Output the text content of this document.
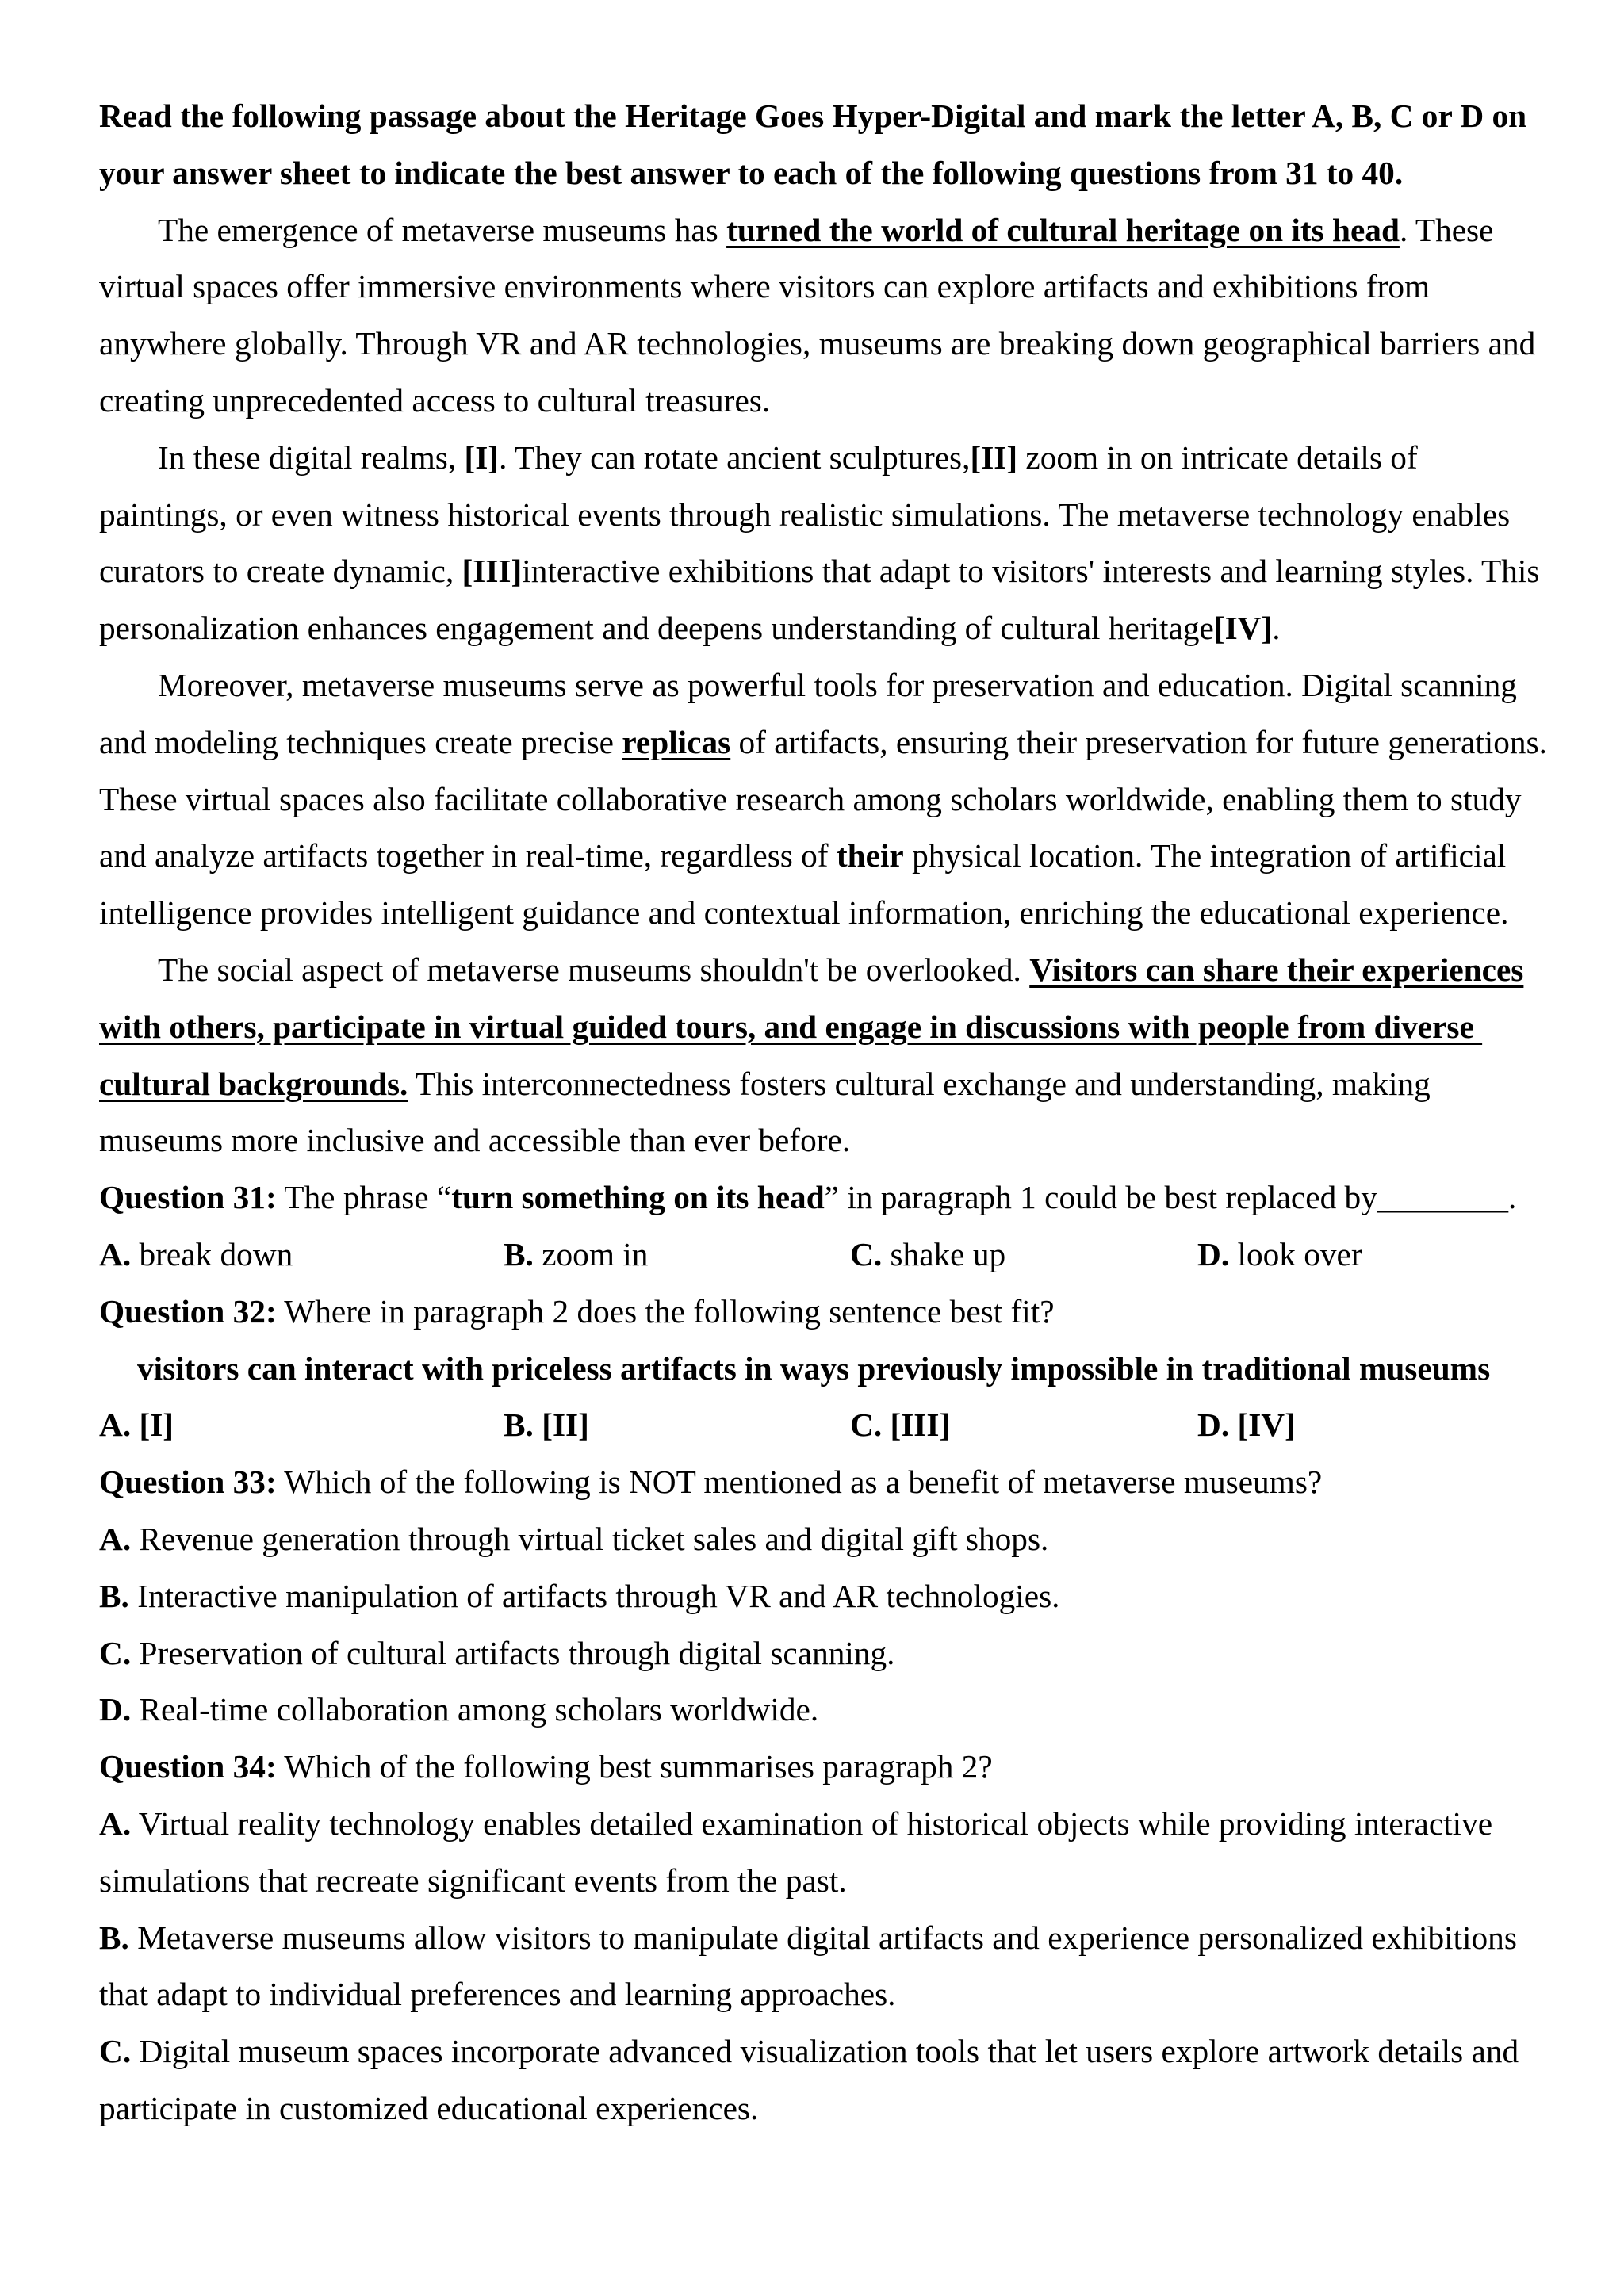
Read the following passage about the Heritage Goes Hyper-Digital and mark the letter A, B, C or D on
your answer sheet to indicate the best answer to each of the following questions from 31 to 40.
The emergence of metaverse museums has turned the world of cultural heritage on its head. These
virtual spaces offer immersive environments where visitors can explore artifacts and exhibitions from
anywhere globally. Through VR and AR technologies, museums are breaking down geographical barriers and
creating unprecedented access to cultural treasures.
In these digital realms, [I]. They can rotate ancient sculptures,[II] zoom in on intricate details of
paintings, or even witness historical events through realistic simulations. The metaverse technology enables
curators to create dynamic, [III]interactive exhibitions that adapt to visitors' interests and learning styles. This
personalization enhances engagement and deepens understanding of cultural heritage[IV].
Moreover, metaverse museums serve as powerful tools for preservation and education. Digital scanning
and modeling techniques create precise replicas of artifacts, ensuring their preservation for future generations.
These virtual spaces also facilitate collaborative research among scholars worldwide, enabling them to study
and analyze artifacts together in real-time, regardless of their physical location. The integration of artificial
intelligence provides intelligent guidance and contextual information, enriching the educational experience.
The social aspect of metaverse museums shouldn't be overlooked. Visitors can share their experiences
with others, participate in virtual guided tours, and engage in discussions with people from diverse
cultural backgrounds. This interconnectedness fosters cultural exchange and understanding, making
museums more inclusive and accessible than ever before.
Question 31: The phrase “turn something on its head” in paragraph 1 could be best replaced by________.
A. break down	B. zoom in	C. shake up	D. look over
Question 32: Where in paragraph 2 does the following sentence best fit?
visitors can interact with priceless artifacts in ways previously impossible in traditional museums
A. [I]	B. [II]	C. [III]	D. [IV]
Question 33: Which of the following is NOT mentioned as a benefit of metaverse museums?
A. Revenue generation through virtual ticket sales and digital gift shops.
B. Interactive manipulation of artifacts through VR and AR technologies.
C. Preservation of cultural artifacts through digital scanning.
D. Real-time collaboration among scholars worldwide.
Question 34: Which of the following best summarises paragraph 2?
A. Virtual reality technology enables detailed examination of historical objects while providing interactive
simulations that recreate significant events from the past.
B. Metaverse museums allow visitors to manipulate digital artifacts and experience personalized exhibitions
that adapt to individual preferences and learning approaches.
C. Digital museum spaces incorporate advanced visualization tools that let users explore artwork details and
participate in customized educational experiences.
